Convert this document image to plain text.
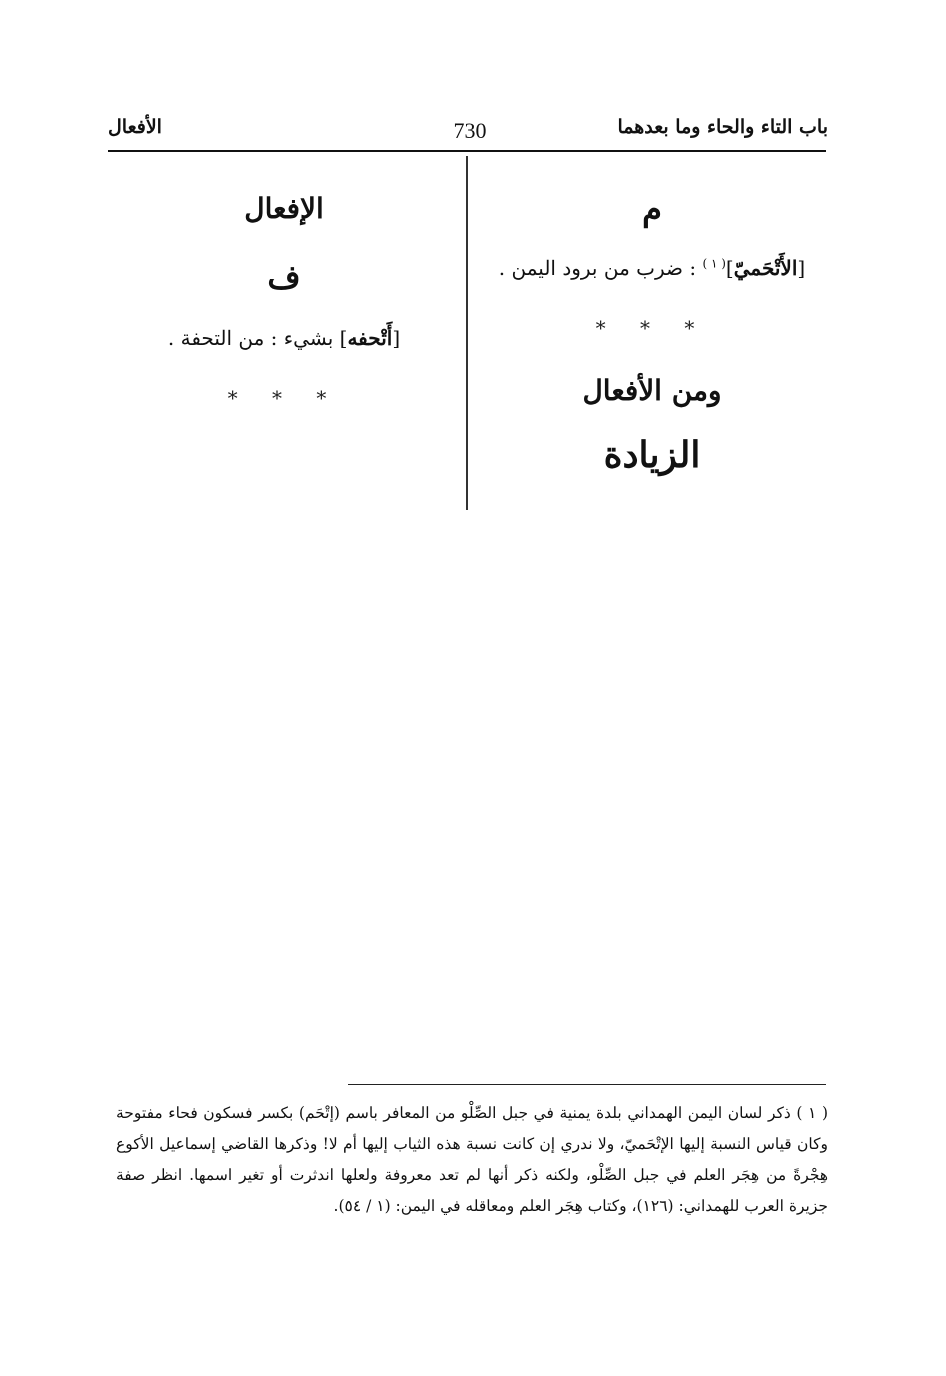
باب التاء والحاء وما بعدهما
730
الأفعال
م
[الأَتْحَميّ]$^{( ١ )}$ : ضرب من برود اليمن .
* * *
ومن الأفعال
الزيادة
الإفعال
ف
[أَتْحفه] بشيء : من التحفة .
* * *
( ١ ) ذكر لسان اليمن الهمداني بلدة يمنية في جبل الصِّلْو من المعافر باسم (إتْحَم) بكسر فسكون فحاء مفتوحة وكان قياس النسبة إليها الإتْحَميّ، ولا ندري إن كانت نسبة هذه الثياب إليها أم لا! وذكرها القاضي إسماعيل الأكوع هِجْرةً من هِجَر العلم في جبل الصِّلْو، ولكنه ذكر أنها لم تعد معروفة ولعلها اندثرت أو تغير اسمها. انظر صفة جزيرة العرب للهمداني: (١٢٦)، وكتاب هِجَر العلم ومعاقله في اليمن: (١ / ٥٤).
